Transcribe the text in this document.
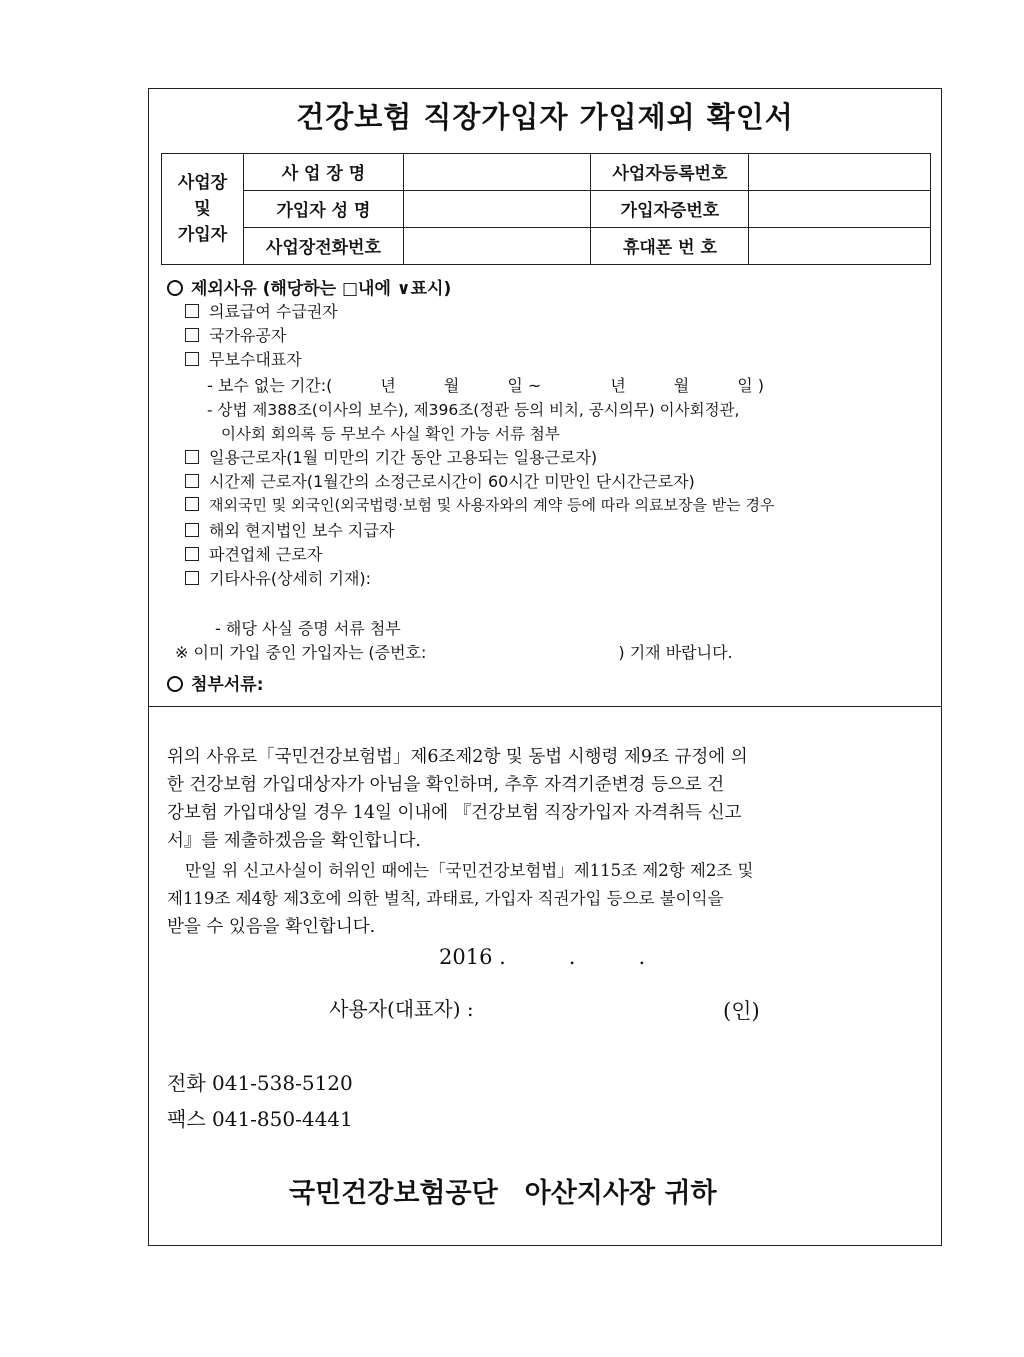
건강보험 직장가입자 가입제외 확인서
사업장
및
가입자	사 업 장 명		사업자등록번호	
	가입자 성 명		가입자증번호	
	사업장전화번호		휴대폰 번 호	
제외사유 (해당하는 □내에 ∨표시)
의료급여 수급권자
국가유공자
무보수대표자
- 보수 없는 기간:(　　　년　　　월　　　일 ~ 　　　　년　　　월　　　일 )
- 상법 제388조(이사의 보수), 제396조(정관 등의 비치, 공시의무) 이사회정관,
이사회 회의록 등 무보수 사실 확인 가능 서류 첨부
일용근로자(1월 미만의 기간 동안 고용되는 일용근로자)
시간제 근로자(1월간의 소정근로시간이 60시간 미만인 단시간근로자)
재외국민 및 외국인(외국법령·보험 및 사용자와의 계약 등에 따라 의료보장을 받는 경우
해외 현지법인 보수 지급자
파견업체 근로자
기타사유(상세히 기재):
- 해당 사실 증명 서류 첨부
※ 이미 가입 중인 가입자는 (증번호:　　　　　　　　　　　　) 기재 바랍니다.
첨부서류:
위의 사유로「국민건강보험법」제6조제2항 및 동법 시행령 제9조 규정에 의
한 건강보험 가입대상자가 아님을 확인하며, 추후 자격기준변경 등으로 건
강보험 가입대상일 경우 14일 이내에 『건강보험 직장가입자 자격취득 신고
서』를 제출하겠음을 확인합니다.
만일 위 신고사실이 허위인 때에는「국민건강보험법」제115조 제2항 제2조 및
제119조 제4항 제3호에 의한 벌칙, 과태료, 가입자 직권가입 등으로 불이익을
받을 수 있음을 확인합니다.
2016 .　　　.　　　.
사용자(대표자) :	(인)
전화 041-538-5120
팩스 041-850-4441
국민건강보험공단　아산지사장 귀하
